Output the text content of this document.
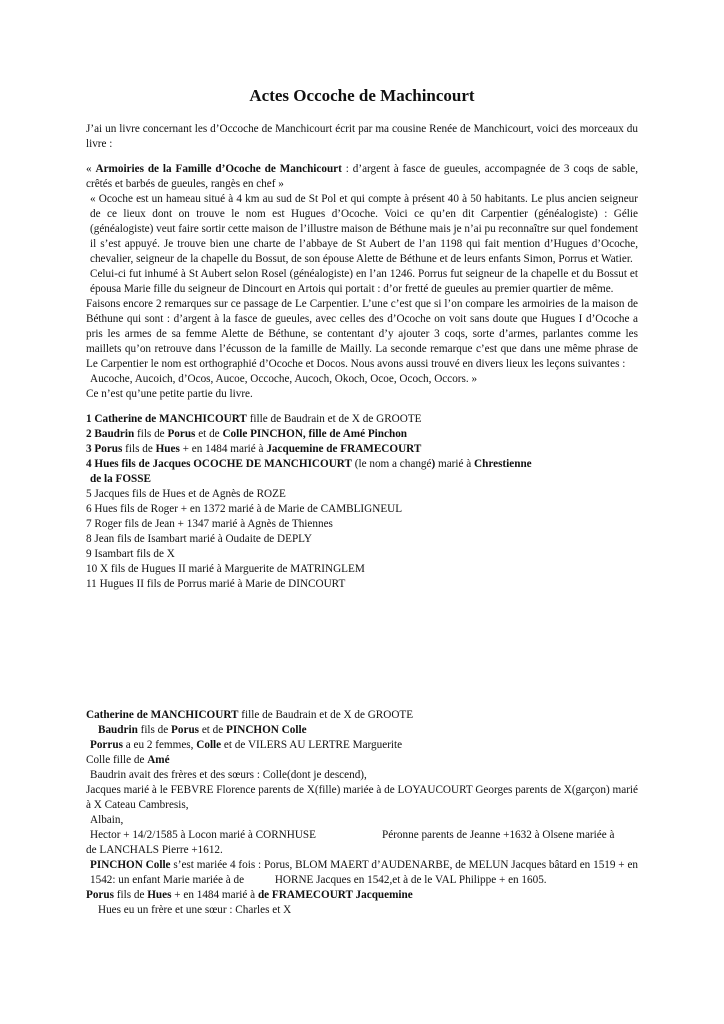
Actes Occoche de Machincourt

J’ai un livre concernant les d’Occoche de Manchicourt écrit par ma cousine Renée de Manchicourt, voici des morceaux du livre :

« Armoiries de la Famille d’Ocoche de Manchicourt : d’argent à fasce de gueules, accompagnée de 3 coqs de sable, crêtés et barbés de gueules, rangès en chef »

« Ocoche est un hameau situé à 4 km au sud de St Pol et qui compte à présent 40 à 50 habitants. Le plus ancien seigneur de ce lieux dont on trouve le nom est Hugues d’Ocoche. Voici ce qu’en dit Carpentier (généalogiste) : Gélie (généalogiste) veut faire sortir cette maison de l’illustre maison de Béthune mais je n’ai pu reconnaître sur quel fondement il s’est appuyé. Je trouve bien une charte de l’abbaye de St Aubert de l’an 1198 qui fait mention d’Hugues d’Ocoche, chevalier, seigneur de la chapelle du Bossut, de son épouse Alette de Béthune et de leurs enfants Simon, Porrus et Watier.

Celui-ci fut inhumé à St Aubert selon Rosel (généalogiste) en l’an 1246. Porrus fut seigneur de la chapelle et du Bossut et épousa Marie fille du seigneur de Dincourt en Artois qui portait : d’or fretté de gueules au premier quartier de même.

Faisons encore 2 remarques sur ce passage de Le Carpentier. L’une c’est que si l’on compare les armoiries de la maison de Béthune qui sont : d’argent à la fasce de gueules, avec celles des d’Ocoche on voit sans doute que Hugues I d’Ocoche a pris les armes de sa femme Alette de Béthune, se contentant d’y ajouter 3 coqs, sorte d’armes, parlantes comme les maillets qu’on retrouve dans l’écusson de la famille de Mailly. La seconde remarque c’est que dans une même phrase de Le Carpentier le nom est orthographié d’Ocoche et Docos. Nous avons aussi trouvé en divers lieux les leçons suivantes :

Aucoche, Aucoich, d’Ocos, Aucoe, Occoche, Aucoch, Okoch, Ocoe, Ococh, Occors. »

Ce n’est qu’une petite partie du livre.

1 Catherine de MANCHICOURT fille de Baudrain et de X de GROOTE

2 Baudrin fils de Porus et de Colle PINCHON, fille de Amé Pinchon

3 Porus fils de Hues + en 1484 marié à Jacquemine de FRAMECOURT

4 Hues fils de Jacques OCOCHE DE MANCHICOURT (le nom a changé) marié à Chrestienne

de la FOSSE

5 Jacques fils de Hues et de Agnès de ROZE

6 Hues fils de Roger + en 1372 marié à de Marie de CAMBLIGNEUL

7 Roger fils de Jean + 1347 marié à Agnès de Thiennes

8 Jean fils de Isambart marié à Oudaite de DEPLY

9 Isambart fils de X

10 X fils de Hugues II marié à Marguerite de MATRINGLEM

11 Hugues II fils de Porrus marié à Marie de DINCOURT

Catherine de MANCHICOURT fille de Baudrain et de X de GROOTE

Baudrin fils de Porus et de PINCHON Colle

Porrus a eu 2 femmes, Colle et de VILERS AU LERTRE Marguerite

Colle fille de Amé

Baudrin avait des frères et des sœurs : Colle(dont je descend),

Jacques marié à le FEBVRE Florence parents de X(fille) mariée à de LOYAUCOURT Georges parents de X(garçon) marié à X Cateau Cambresis,

Albain,

Hector + 14/2/1585 à Locon marié à CORNHUSE	Péronne parents de Jeanne +1632 à Olsene mariée à

de LANCHALS Pierre +1612.

PINCHON Colle s’est mariée 4 fois : Porus, BLOM MAERT d’AUDENARBE, de MELUN Jacques bâtard en 1519 + en 1542: un enfant Marie mariée à de	HORNE Jacques en 1542,et à de le VAL Philippe + en 1605.

Porus fils de Hues + en 1484 marié à de FRAMECOURT Jacquemine

Hues eu un frère et une sœur : Charles et X
